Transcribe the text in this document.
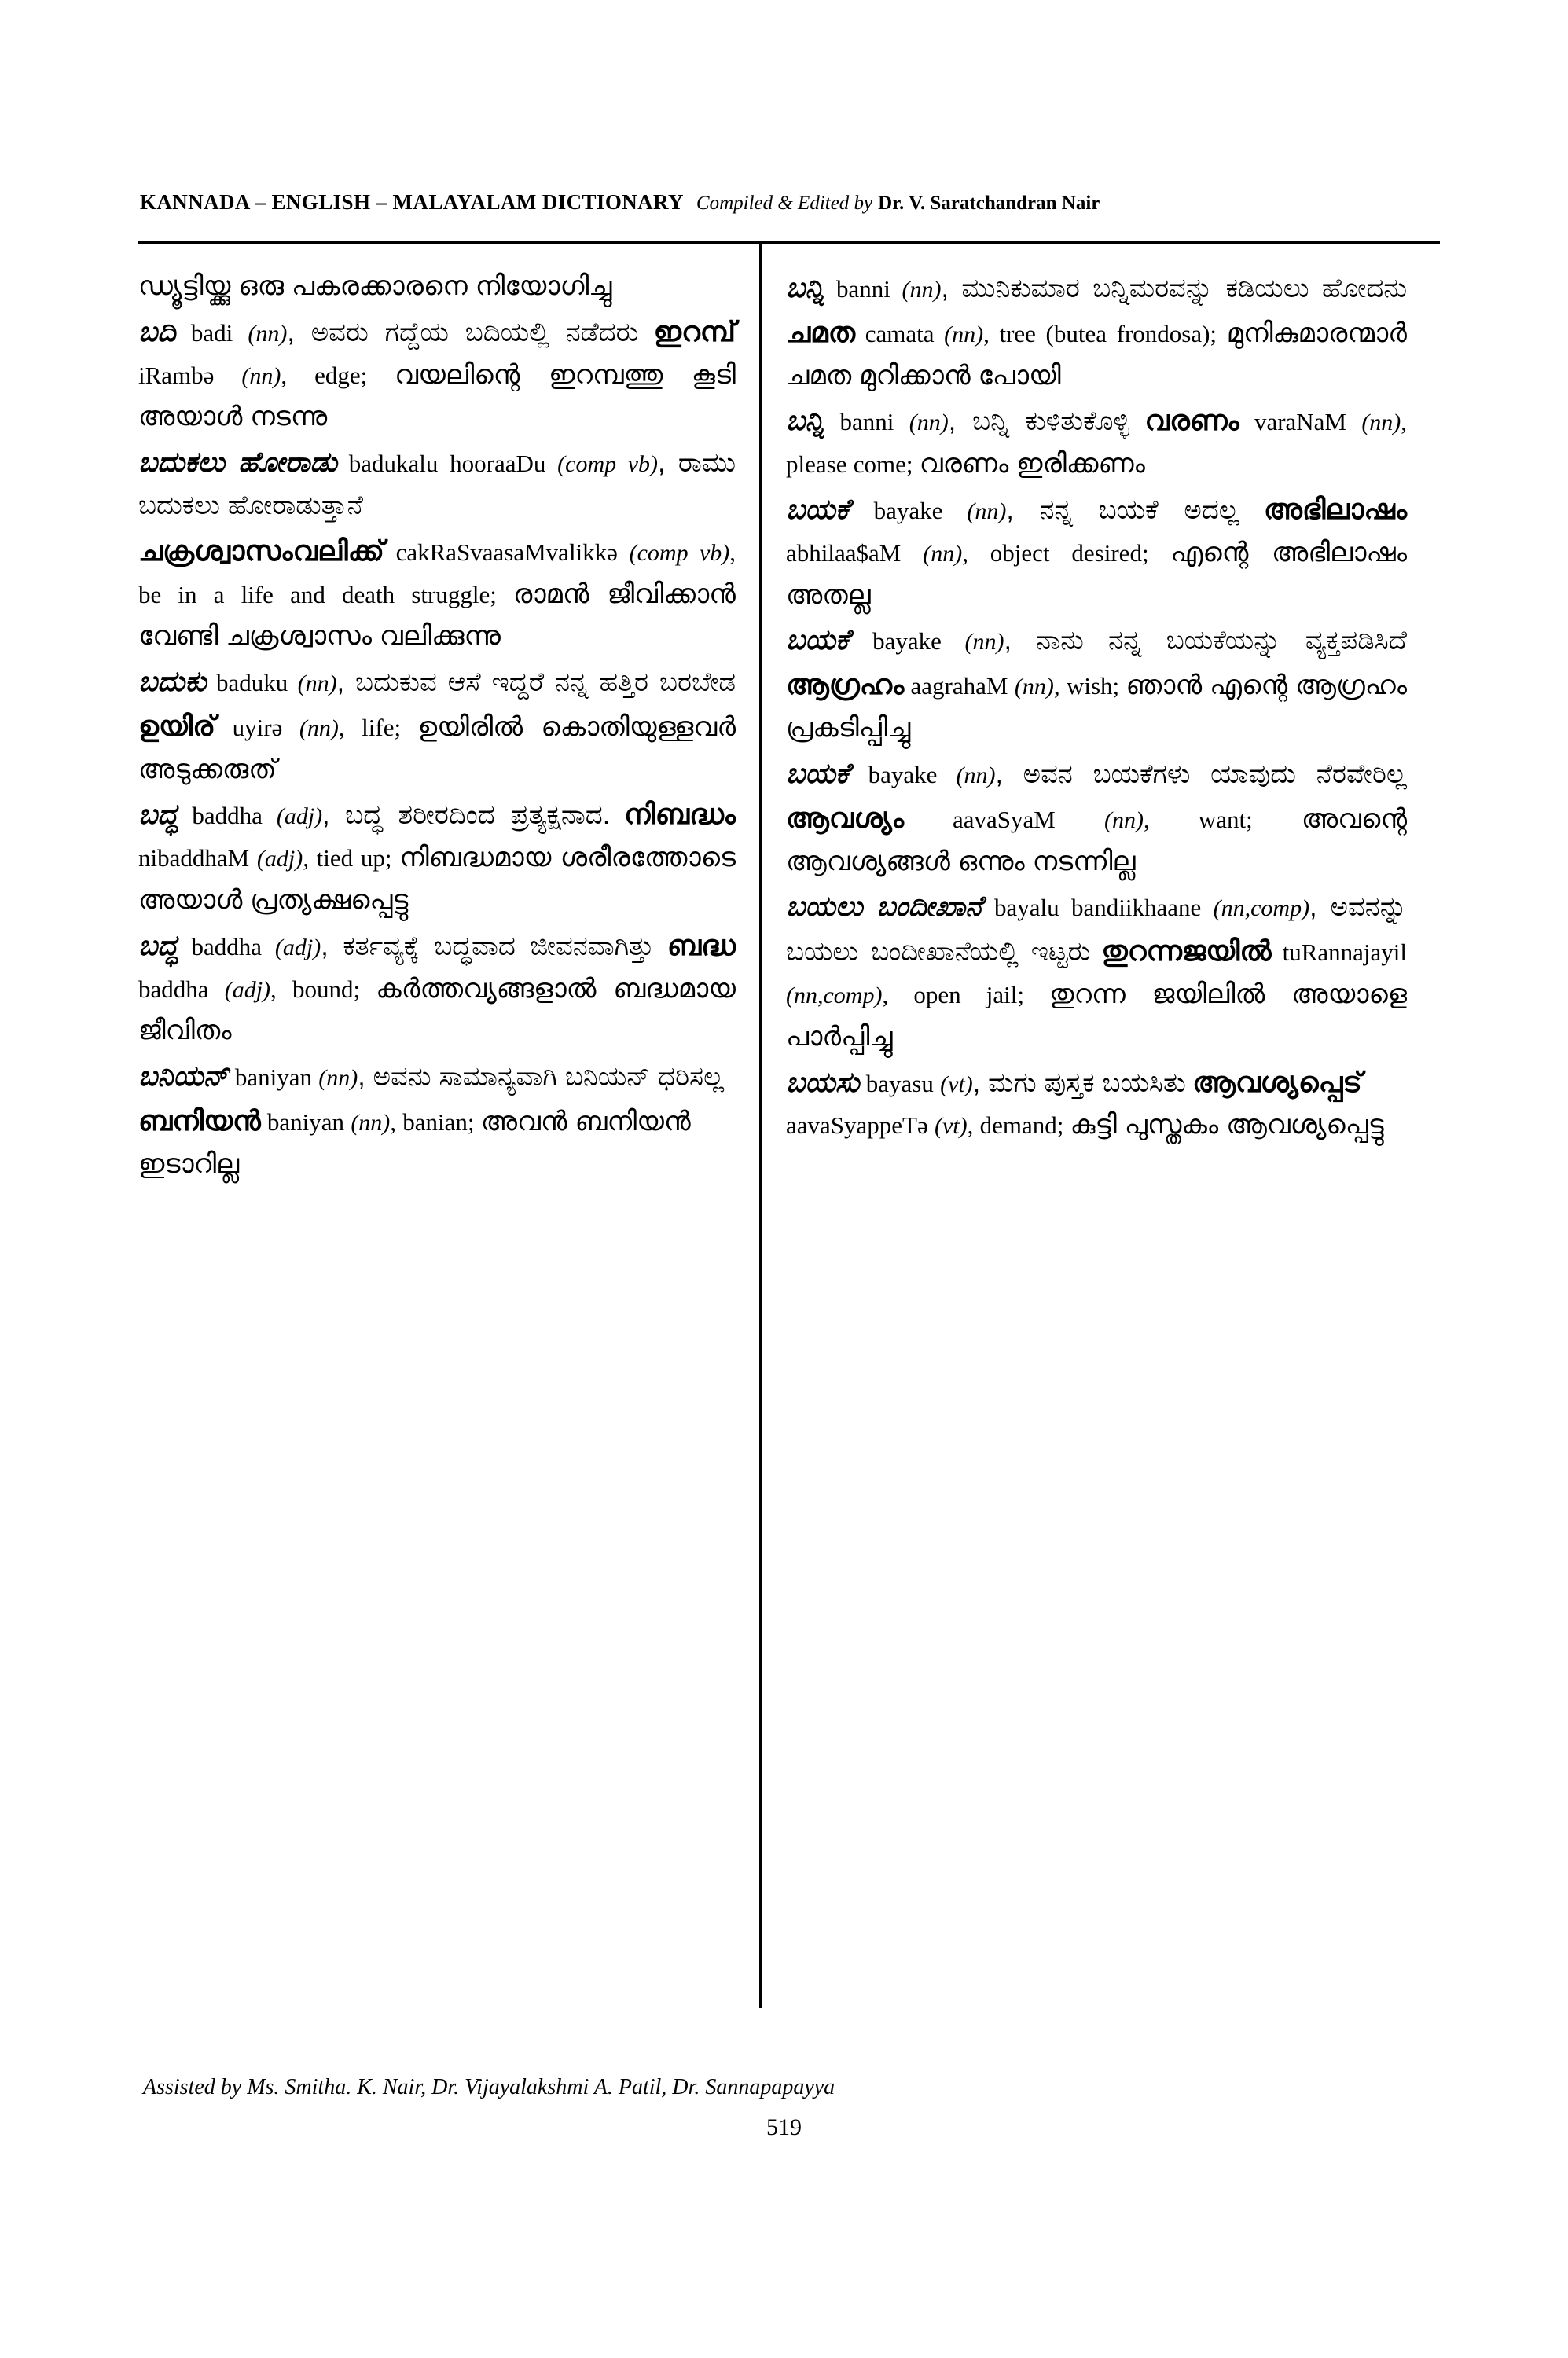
KANNADA – ENGLISH – MALAYALAM DICTIONARY Compiled & Edited by Dr. V. Saratchandran Nair
ഡ്യൂട്ടിയ്ക്കു ഒരു പകരക്കാരനെ നിയോഗിച്ചു
ಬದಿ badi (nn), ಅವರು ಗದ್ದೆಯ ಬದಿಯಲ್ಲಿ ನಡೆದರು ഇറമ്പ് iRambə (nn), edge; വയലിന്റെ ഇറമ്പത്തു കൂടി അയാൾ നടന്നു
ಬದುಕಲು ಹೋರಾಡು badukalu hooraaDu (comp vb), ರಾಮು ಬದುಕಲು ಹೋರಾಡುತ್ತಾನೆ
ചക്രശ്വാസംവലിക്ക് cakRaSvaasaMvalikkə (comp vb), be in a life and death struggle; രാമൻ ജീവിക്കാൻ വേണ്ടി ചക്രശ്വാസം വലിക്കുന്നു
ಬದುಕು baduku (nn), ಬದುಕುವ ಆಸೆ ಇದ್ದರೆ ನನ್ನ ಹತ್ತಿರ ಬರಬೇಡ ഉയിര് uyirə (nn), life; ഉയിരിൽ കൊതിയുള്ളവർ അടുക്കരുത്
ಬದ್ಧ baddha (adj), ಬದ್ಧ ಶರೀರದಿಂದ ಪ್ರತ್ಯಕ್ಷನಾದ. നിബദ്ധം nibaddhaM (adj), tied up; നിബദ്ധമായ ശരീരത്തോടെ അയാൾ പ്രത്യക്ഷപ്പെട്ടു
ಬದ್ಧ baddha (adj), ಕರ್ತವ್ಯಕ್ಕೆ ಬದ್ಧವಾದ ಜೀವನವಾಗಿತ್ತು ബദ്ധ baddha (adj), bound; കർത്തവ്യങ്ങളാൽ ബദ്ധമായ ജീവിതം
ಬನಿಯನ್ baniyan (nn), ಅವನು ಸಾಮಾನ್ಯವಾಗಿ ಬನಿಯನ್ ಧರಿಸಲ್ಲ ബനിയൻ baniyan (nn), banian; അവൻ ബനിയൻ ഇടാറില്ല
ಬನ್ನಿ banni (nn), ಮುನಿಕುಮಾರ ಬನ್ನಿಮರವನ್ನು ಕಡಿಯಲು ಹೋದನು ചമത camata (nn), tree (butea frondosa); മുനികുമാരന്മാർ ചമത മുറിക്കാൻ പോയി
ಬನ್ನಿ banni (nn), ಬನ್ನಿ ಕುಳಿತುಕೊಳ್ಳಿ വരണം varaNaM (nn), please come; വരണം ഇരിക്കണം
ಬಯಕೆ bayake (nn), ನನ್ನ ಬಯಕೆ ಅದಲ್ಲ അഭിലാഷം abhilaa$aM (nn), object desired; എന്റെ അഭിലാഷം അതല്ല
ಬಯಕೆ bayake (nn), ನಾನು ನನ್ನ ಬಯಕೆಯನ್ನು ವ್ಯಕ್ತಪಡಿಸಿದೆ ആഗ്രഹം aagrahaM (nn), wish; ഞാൻ എന്റെ ആഗ്രഹം പ്രകടിപ്പിച്ചു
ಬಯಕೆ bayake (nn), ಅವನ ಬಯಕೆಗಳು ಯಾವುದು ನೆರವೇರಿಲ್ಲ ആവശ്യം aavaSyaM (nn), want; അവന്റെ ആവശ്യങ്ങൾ ഒന്നും നടന്നില്ല
ಬಯಲು ಬಂದೀಖಾನೆ bayalu bandiikhaane (nn,comp), ಅವನನ್ನು ಬಯಲು ಬಂದೀಖಾನೆಯಲ್ಲಿ ಇಟ್ಟರು തുറന്നജയിൽ tuRannajayil (nn,comp), open jail; തുറന്ന ജയിലിൽ അയാളെ പാർപ്പിച്ചു
ಬಯಸು bayasu (vt), ಮಗು ಪುಸ್ತಕ ಬಯಸಿತು ആവശ്യപ്പെട് aavaSyappeTə (vt), demand; കുട്ടി പുസ്തകം ആവശ്യപ്പെട്ടു
Assisted by Ms. Smitha. K. Nair, Dr. Vijayalakshmi A. Patil, Dr. Sannapapayya
519
